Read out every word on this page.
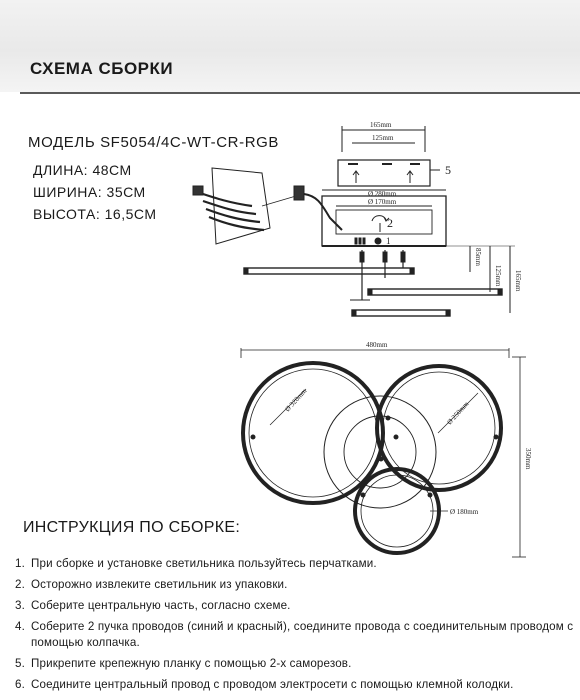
СХЕМА СБОРКИ
МОДЕЛЬ SF5054/4C-WT-CR-RGB
ДЛИНА: 48СМ
ШИРИНА: 35СМ
ВЫСОТА: 16,5СМ
165mm
125mm
5
Ø 280mm
Ø 170mm
2
1
85mm
125mm 165mm
480mm
350mm
Ø 320mm	Ø 250mm
Ø 180mm
ИНСТРУКЦИЯ ПО СБОРКЕ:
1. При сборке и установке светильника пользуйтесь перчатками.
2. Осторожно извлеките светильник из упаковки.
3. Соберите центральную часть, согласно схеме.
4. Соберите 2 пучка проводов (синий и красный), соедините провода с соединительным проводом с помощью колпачка.
5. Прикрепите крепежную планку с помощью 2-х саморезов.
6. Соедините центральный провод с проводом электросети с помощью клемной колодки.
